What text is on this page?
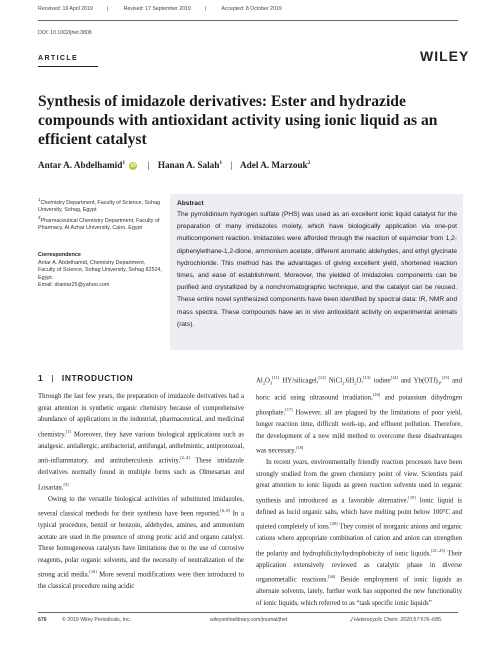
Received: 19 April 2019	|	Revised: 17 September 2019	|	Accepted: 8 October 2019
DOI: 10.1002/jhet.3808
ARTICLE	WILEY
Synthesis of imidazole derivatives: Ester and hydrazide compounds with antioxidant activity using ionic liquid as an efficient catalyst
Antar A. Abdelhamid$^1$ iD | Hanan A. Salah$^1$ | Adel A. Marzouk$^2$
$^1$Chemistry Department, Faculty of Science, Sohag University, Sohag, Egypt
$^2$Pharmaceutical Chemistry Department, Faculty of Pharmacy, Al Azhar University, Cairo, Egypt
Correspondence
Antar A. Abdelhamid, Chemistry Department, Faculty of Science, Sohag University, Sohag 82524, Egypt.
Email: drantar25@yahoo.com
Abstract
The pyrrolidinium hydrogen sulfate (PHS) was used as an excellent ionic liquid catalyst for the preparation of many imidazoles moiety, which have biologically application via one-pot multicomponent reaction. Imidazoles were afforded through the reaction of equimolar from 1,2-diphenylethane-1,2-dione, ammonium acetate, different aromatic aldehydes, and ethyl glycinate hydrochloride. This method has the advantages of giving excellent yield, shortened reaction times, and ease of establishment. Moreover, the yielded of imidazoles components can be purified and crystallized by a nonchromatographic technique, and the catalyst can be reused. These entire novel synthesized components have been identified by spectral data: IR, NMR and mass spectra. These compounds have an in vivo antioxidant activity on experimental animals (rats).
1 | INTRODUCTION

Through the last few years, the preparation of imidazole derivatives had a great attention in synthetic organic chemistry because of comprehensive abundance of applications in the industrial, pharmaceutical, and medicinal chemistry.[1] Moreover, they have various biological applications such as analgesic, antiallergic, antibacterial, antifungal, anthelmintic, antiprotozoal, anti-inflammatory, and antituberculosis activity.[2–4] These imidazole derivatives normally found in multiple forms such as Olmesartan and Losartan.[5]

Owing to the versatile biological activities of substituted imidazoles, several classical methods for their synthesis have been reported.[6–9] In a typical procedure, benzil or benzoin, aldehydes, amines, and ammonium acetate are used in the presence of strong protic acid and organo catalyst. These homogeneous catalysts have limitations due to the use of corrosive reagents, polar organic solvents, and the necessity of neutralization of the strong acid media.[10] More several modifications were then introduced to the classical procedure using acidic

$Al_2O_3[11]$ HY/silicagel,[12] $NiCl_2.6H_2O,[13]$ iodine[14] and $Yb(OTf)_3,[15]$ and boric acid using ultrasound irradiation,[16] and potassium dihydrogen phosphate.[17] However, all are plagued by the limitations of poor yield, longer reaction time, difficult work-up, and effluent pollution. Therefore, the development of a new mild method to overcome these disadvantages was necessary.[18]

In recent years, environmentally friendly reaction processes have been strongly studied from the green chemistry point of view. Scientists paid great attention to ionic liquids as green reaction solvents used in organic synthesis and introduced as a favorable alternative.[19] Ionic liquid is defined as lucid organic salts, which have melting point below 100°C and quieted completely of ions.[20] They consist of inorganic anions and organic cations where appropriate combination of cation and anion can strengthen the polarity and hydrophilicity/hydrophobicity of ionic liquids.[21–25] Their application extensively reviewed as catalytic phase in diverse organometallic reactions.[26] Beside employment of ionic liquids as alternate solvents, lately, further work has supported the new functionality of ionic liquids, which referred to as “task specific ionic liquids”

676	© 2019 Wiley Periodicals, Inc.	wileyonlinelibrary.com/journal/jhet	J Heterocyclic Chem. 2020;57:676–685.
